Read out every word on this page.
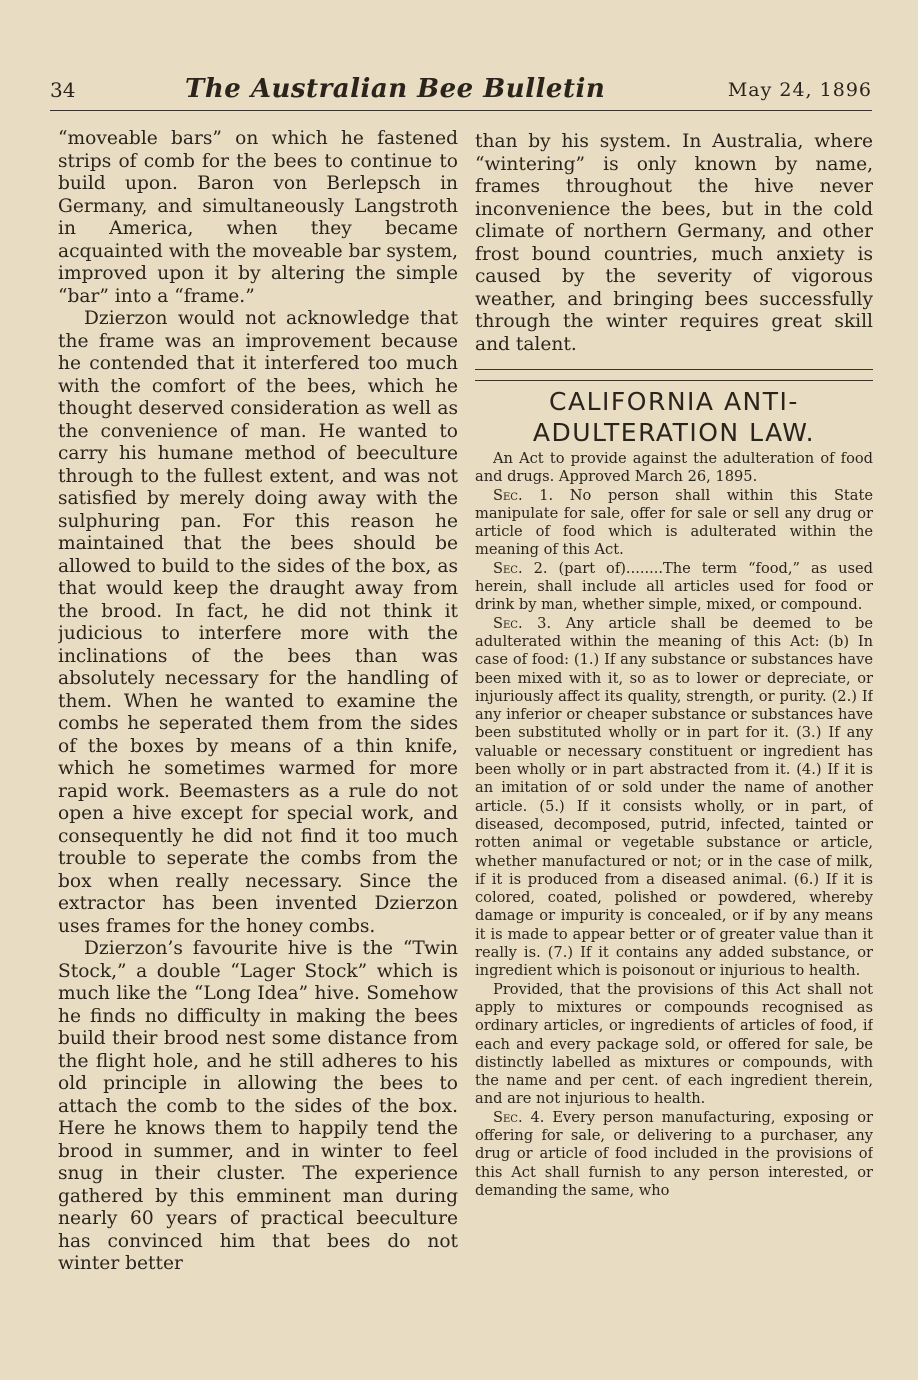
34	The Australian Bee Bulletin	May 24, 1896

“moveable bars” on which he fastened strips of comb for the bees to continue to build upon. Baron von Berlepsch in Germany, and simultaneously Langstroth in America, when they became acquainted with the moveable bar system, improved upon it by altering the simple “bar” into a “frame.”

Dzierzon would not acknowledge that the frame was an improvement because he contended that it interfered too much with the comfort of the bees, which he thought deserved consideration as well as the convenience of man. He wanted to carry his humane method of beeculture through to the fullest extent, and was not satisfied by merely doing away with the sulphuring pan. For this reason he maintained that the bees should be allowed to build to the sides of the box, as that would keep the draught away from the brood. In fact, he did not think it judicious to interfere more with the inclinations of the bees than was absolutely necessary for the handling of them. When he wanted to examine the combs he seperated them from the sides of the boxes by means of a thin knife, which he sometimes warmed for more rapid work. Beemasters as a rule do not open a hive except for special work, and consequently he did not find it too much trouble to seperate the combs from the box when really necessary. Since the extractor has been invented Dzierzon uses frames for the honey combs.

Dzierzon’s favourite hive is the “Twin Stock,” a double “Lager Stock” which is much like the “Long Idea” hive. Somehow he finds no difficulty in making the bees build their brood nest some distance from the flight hole, and he still adheres to his old principle in allowing the bees to attach the comb to the sides of the box. Here he knows them to happily tend the brood in summer, and in winter to feel snug in their cluster. The experience gathered by this emminent man during nearly 60 years of practical beeculture has convinced him that bees do not winter better

than by his system. In Australia, where “wintering” is only known by name, frames throughout the hive never inconvenience the bees, but in the cold climate of northern Germany, and other frost bound countries, much anxiety is caused by the severity of vigorous weather, and bringing bees successfully through the winter requires great skill and talent.

CALIFORNIA ANTI-ADULTERATION LAW.

An Act to provide against the adulteration of food and drugs. Approved March 26, 1895.

Sec. 1. No person shall within this State manipulate for sale, offer for sale or sell any drug or article of food which is adulterated within the meaning of this Act.

Sec. 2. (part of)........The term “food,” as used herein, shall include all articles used for food or drink by man, whether simple, mixed, or compound.

Sec. 3. Any article shall be deemed to be adulterated within the meaning of this Act: (b) In case of food: (1.) If any substance or substances have been mixed with it, so as to lower or depreciate, or injuriously affect its quality, strength, or purity. (2.) If any inferior or cheaper substance or substances have been substituted wholly or in part for it. (3.) If any valuable or necessary constituent or ingredient has been wholly or in part abstracted from it. (4.) If it is an imitation of or sold under the name of another article. (5.) If it consists wholly, or in part, of diseased, decomposed, putrid, infected, tainted or rotten animal or vegetable substance or article, whether manufactured or not; or in the case of milk, if it is produced from a diseased animal. (6.) If it is colored, coated, polished or powdered, whereby damage or impurity is concealed, or if by any means it is made to appear better or of greater value than it really is. (7.) If it contains any added substance, or ingredient which is poisonout or injurious to health.

Provided, that the provisions of this Act shall not apply to mixtures or compounds recognised as ordinary articles, or ingredients of articles of food, if each and every package sold, or offered for sale, be distinctly labelled as mixtures or compounds, with the name and per cent. of each ingredient therein, and are not injurious to health.

Sec. 4. Every person manufacturing, exposing or offering for sale, or delivering to a purchaser, any drug or article of food included in the provisions of this Act shall furnish to any person interested, or demanding the same, who
